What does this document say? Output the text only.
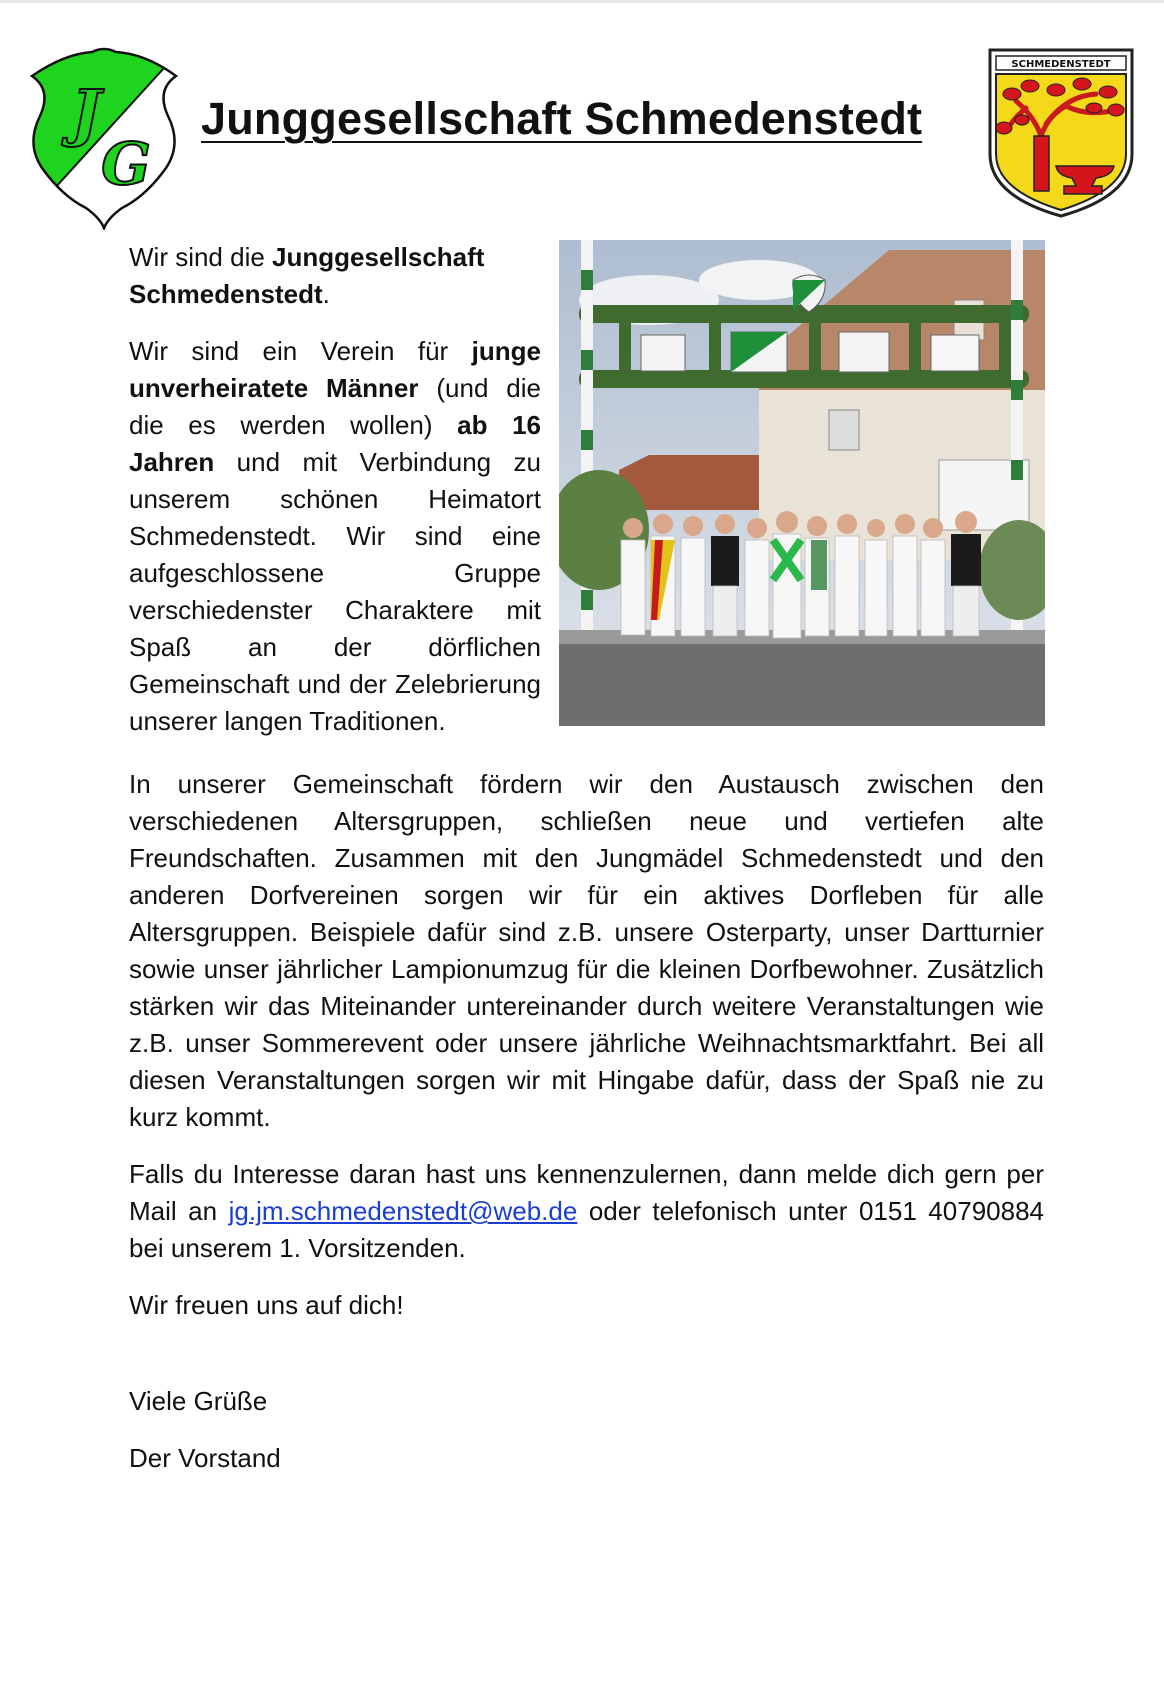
J
G
Junggesellschaft Schmedenstedt
SCHMEDENSTEDT

Wir sind die Junggesellschaft Schmedenstedt.

Wir sind ein Verein für junge unverheiratete Männer (und die die es werden wollen) ab 16 Jahren und mit Verbindung zu unserem schönen Heimatort Schmedenstedt. Wir sind eine aufgeschlossene Gruppe verschiedenster Charaktere mit Spaß an der dörflichen Gemeinschaft und der Zelebrierung unserer langen Traditionen.

In unserer Gemeinschaft fördern wir den Austausch zwischen den verschiedenen Altersgruppen, schließen neue und vertiefen alte Freundschaften. Zusammen mit den Jungmädel Schmedenstedt und den anderen Dorfvereinen sorgen wir für ein aktives Dorfleben für alle Altersgruppen. Beispiele dafür sind z.B. unsere Osterparty, unser Dartturnier sowie unser jährlicher Lampionumzug für die kleinen Dorfbewohner. Zusätzlich stärken wir das Miteinander untereinander durch weitere Veranstaltungen wie z.B. unser Sommerevent oder unsere jährliche Weihnachtsmarktfahrt. Bei all diesen Veranstaltungen sorgen wir mit Hingabe dafür, dass der Spaß nie zu kurz kommt.

Falls du Interesse daran hast uns kennenzulernen, dann melde dich gern per Mail an jg.jm.schmedenstedt@web.de oder telefonisch unter 0151 40790884 bei unserem 1. Vorsitzenden.

Wir freuen uns auf dich!

Viele Grüße

Der Vorstand
